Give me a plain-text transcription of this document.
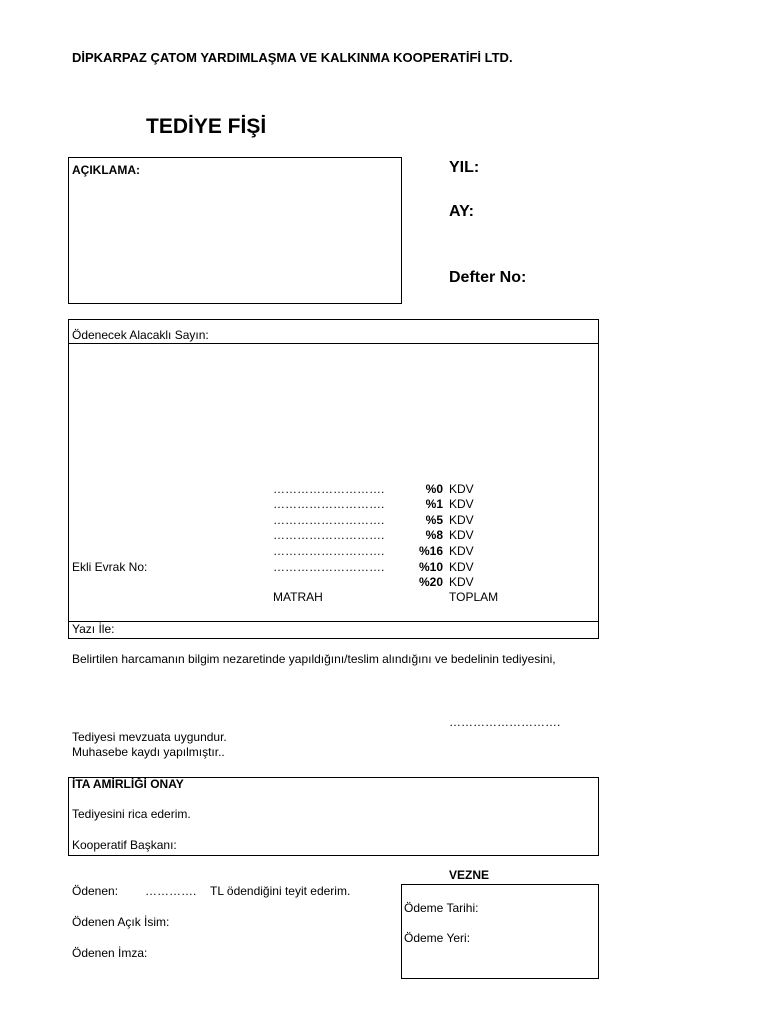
DİPKARPAZ ÇATOM YARDIMLAŞMA VE KALKINMA KOOPERATİFİ LTD.
TEDİYE FİŞİ
AÇIKLAMA:	YIL:
AY:
Defter No:
Ödenecek Alacaklı Sayın:
……………………….	%0 KDV
……………………….	%1 KDV
……………………….	%5 KDV
……………………….	%8 KDV
……………………….	%16 KDV
……………………….	%10 KDV
%20 KDV
Ekli Evrak No:
MATRAH	TOPLAM
Yazı İle:
Belirtilen harcamanın bilgim nezaretinde yapıldığını/teslim alındığını ve bedelinin tediyesini,
……………………….
Tediyesi mevzuata uygundur.
Muhasebe kaydı yapılmıştır..
İTA AMİRLİĞİ ONAY
Tediyesini rica ederim.
Kooperatif Başkanı:
Ödenen: …………. TL ödendiğini teyit ederim.
Ödenen Açık İsim:
Ödenen İmza:
VEZNE
Ödeme Tarihi:
Ödeme Yeri:
